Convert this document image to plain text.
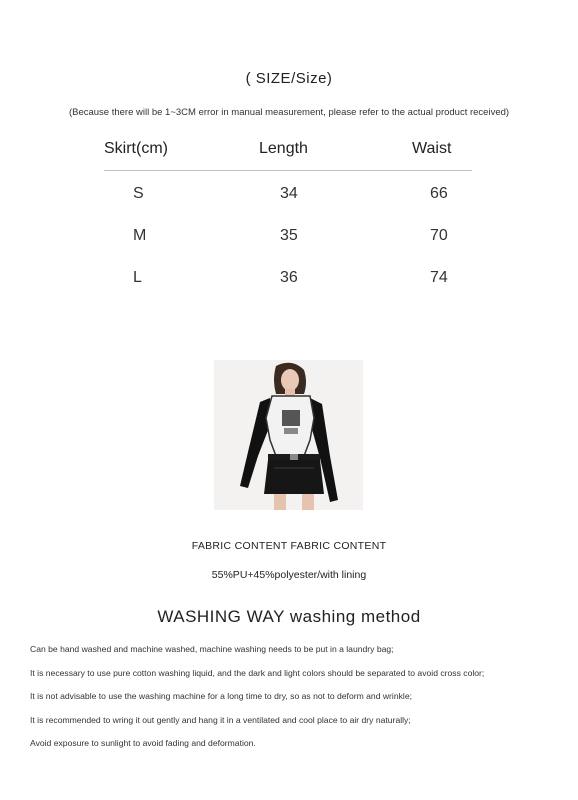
( SIZE/Size)
(Because there will be 1~3CM error in manual measurement, please refer to the actual product received)
Skirt(cm)	Length	Waist
S	34	66
M	35	70
L	36	74
FABRIC CONTENT FABRIC CONTENT
55%PU+45%polyester/with lining
WASHING WAY washing method
Can be hand washed and machine washed, machine washing needs to be put in a laundry bag;
It is necessary to use pure cotton washing liquid, and the dark and light colors should be separated to avoid cross color;
It is not advisable to use the washing machine for a long time to dry, so as not to deform and wrinkle;
It is recommended to wring it out gently and hang it in a ventilated and cool place to air dry naturally;
Avoid exposure to sunlight to avoid fading and deformation.
